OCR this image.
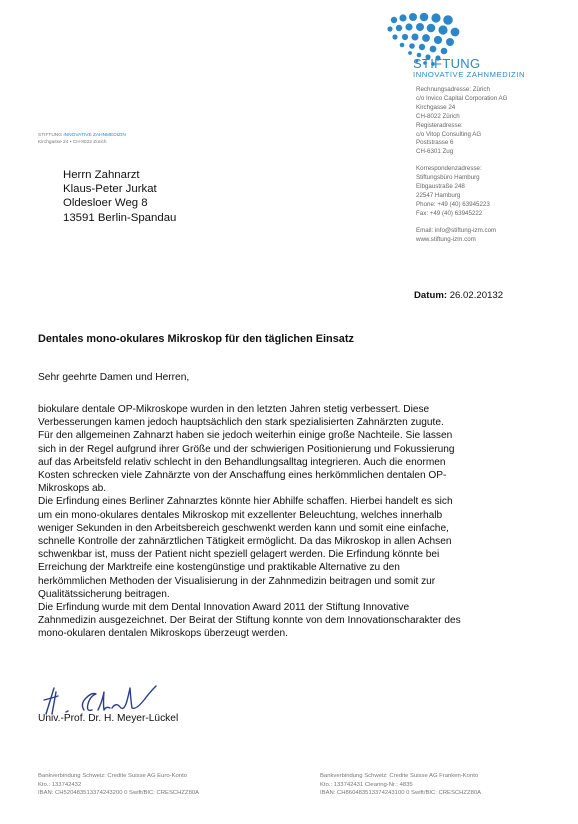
STIFTUNG
INNOVATIVE ZAHNMEDIZIN
Rechnungsadresse: Zürich
c/o Invico Capital Corporation AG
Kirchgasse 24
CH-8022 Zürich
Registeradresse:
c/o Vitop Consulting AG
Poststrasse 6
CH-6301 Zug
Korrespondenzadresse:
Stiftungsbüro Hamburg
Elbgaustraße 248
22547 Hamburg
Phone: +49 (40) 63945223
Fax: +49 (40) 63945222
Email: info@stiftung-izm.com
www.stiftung-izm.com
STIFTUNG INNOVATIVE ZAHNMEDIZIN
Kirchgasse 24 • CH-8022 Zürich
Herrn Zahnarzt
Klaus-Peter Jurkat
Oldesloer Weg 8
13591 Berlin-Spandau
Datum: 26.02.20132
Dentales mono-okulares Mikroskop für den täglichen Einsatz
Sehr geehrte Damen und Herren,
biokulare dentale OP-Mikroskope wurden in den letzten Jahren stetig verbessert. Diese
Verbesserungen kamen jedoch hauptsächlich den stark spezialisierten Zahnärzten zugute.
Für den allgemeinen Zahnarzt haben sie jedoch weiterhin einige große Nachteile. Sie lassen
sich in der Regel aufgrund ihrer Größe und der schwierigen Positionierung und Fokussierung
auf das Arbeitsfeld relativ schlecht in den Behandlungsalltag integrieren. Auch die enormen
Kosten schrecken viele Zahnärzte von der Anschaffung eines herkömmlichen dentalen OP-
Mikroskops ab.
Die Erfindung eines Berliner Zahnarztes könnte hier Abhilfe schaffen. Hierbei handelt es sich
um ein mono-okulares dentales Mikroskop mit exzellenter Beleuchtung, welches innerhalb
weniger Sekunden in den Arbeitsbereich geschwenkt werden kann und somit eine einfache,
schnelle Kontrolle der zahnärztlichen Tätigkeit ermöglicht. Da das Mikroskop in allen Achsen
schwenkbar ist, muss der Patient nicht speziell gelagert werden. Die Erfindung könnte bei
Erreichung der Marktreife eine kostengünstige und praktikable Alternative zu den
herkömmlichen Methoden der Visualisierung in der Zahnmedizin beitragen und somit zur
Qualitätssicherung beitragen.
Die Erfindung wurde mit dem Dental Innovation Award 2011 der Stiftung Innovative
Zahnmedizin ausgezeichnet. Der Beirat der Stiftung konnte von dem Innovationscharakter des
mono-okularen dentalen Mikroskops überzeugt werden.
Univ.-Prof. Dr. H. Meyer-Lückel
Bankverbindung Schweiz: Credite Suisse AG Euro-Konto
Kto.: 133742432
IBAN: CH520483513374243200 0 Swift/BIC: CRESCHZZ80A
Bankverbindung Schweiz: Credite Suisse AG Franken-Konto
Kto.: 133742431 Clearing-Nr.: 4835
IBAN: CH860483513374243100 0 Swift/BIC: CRESCHZZ80A
